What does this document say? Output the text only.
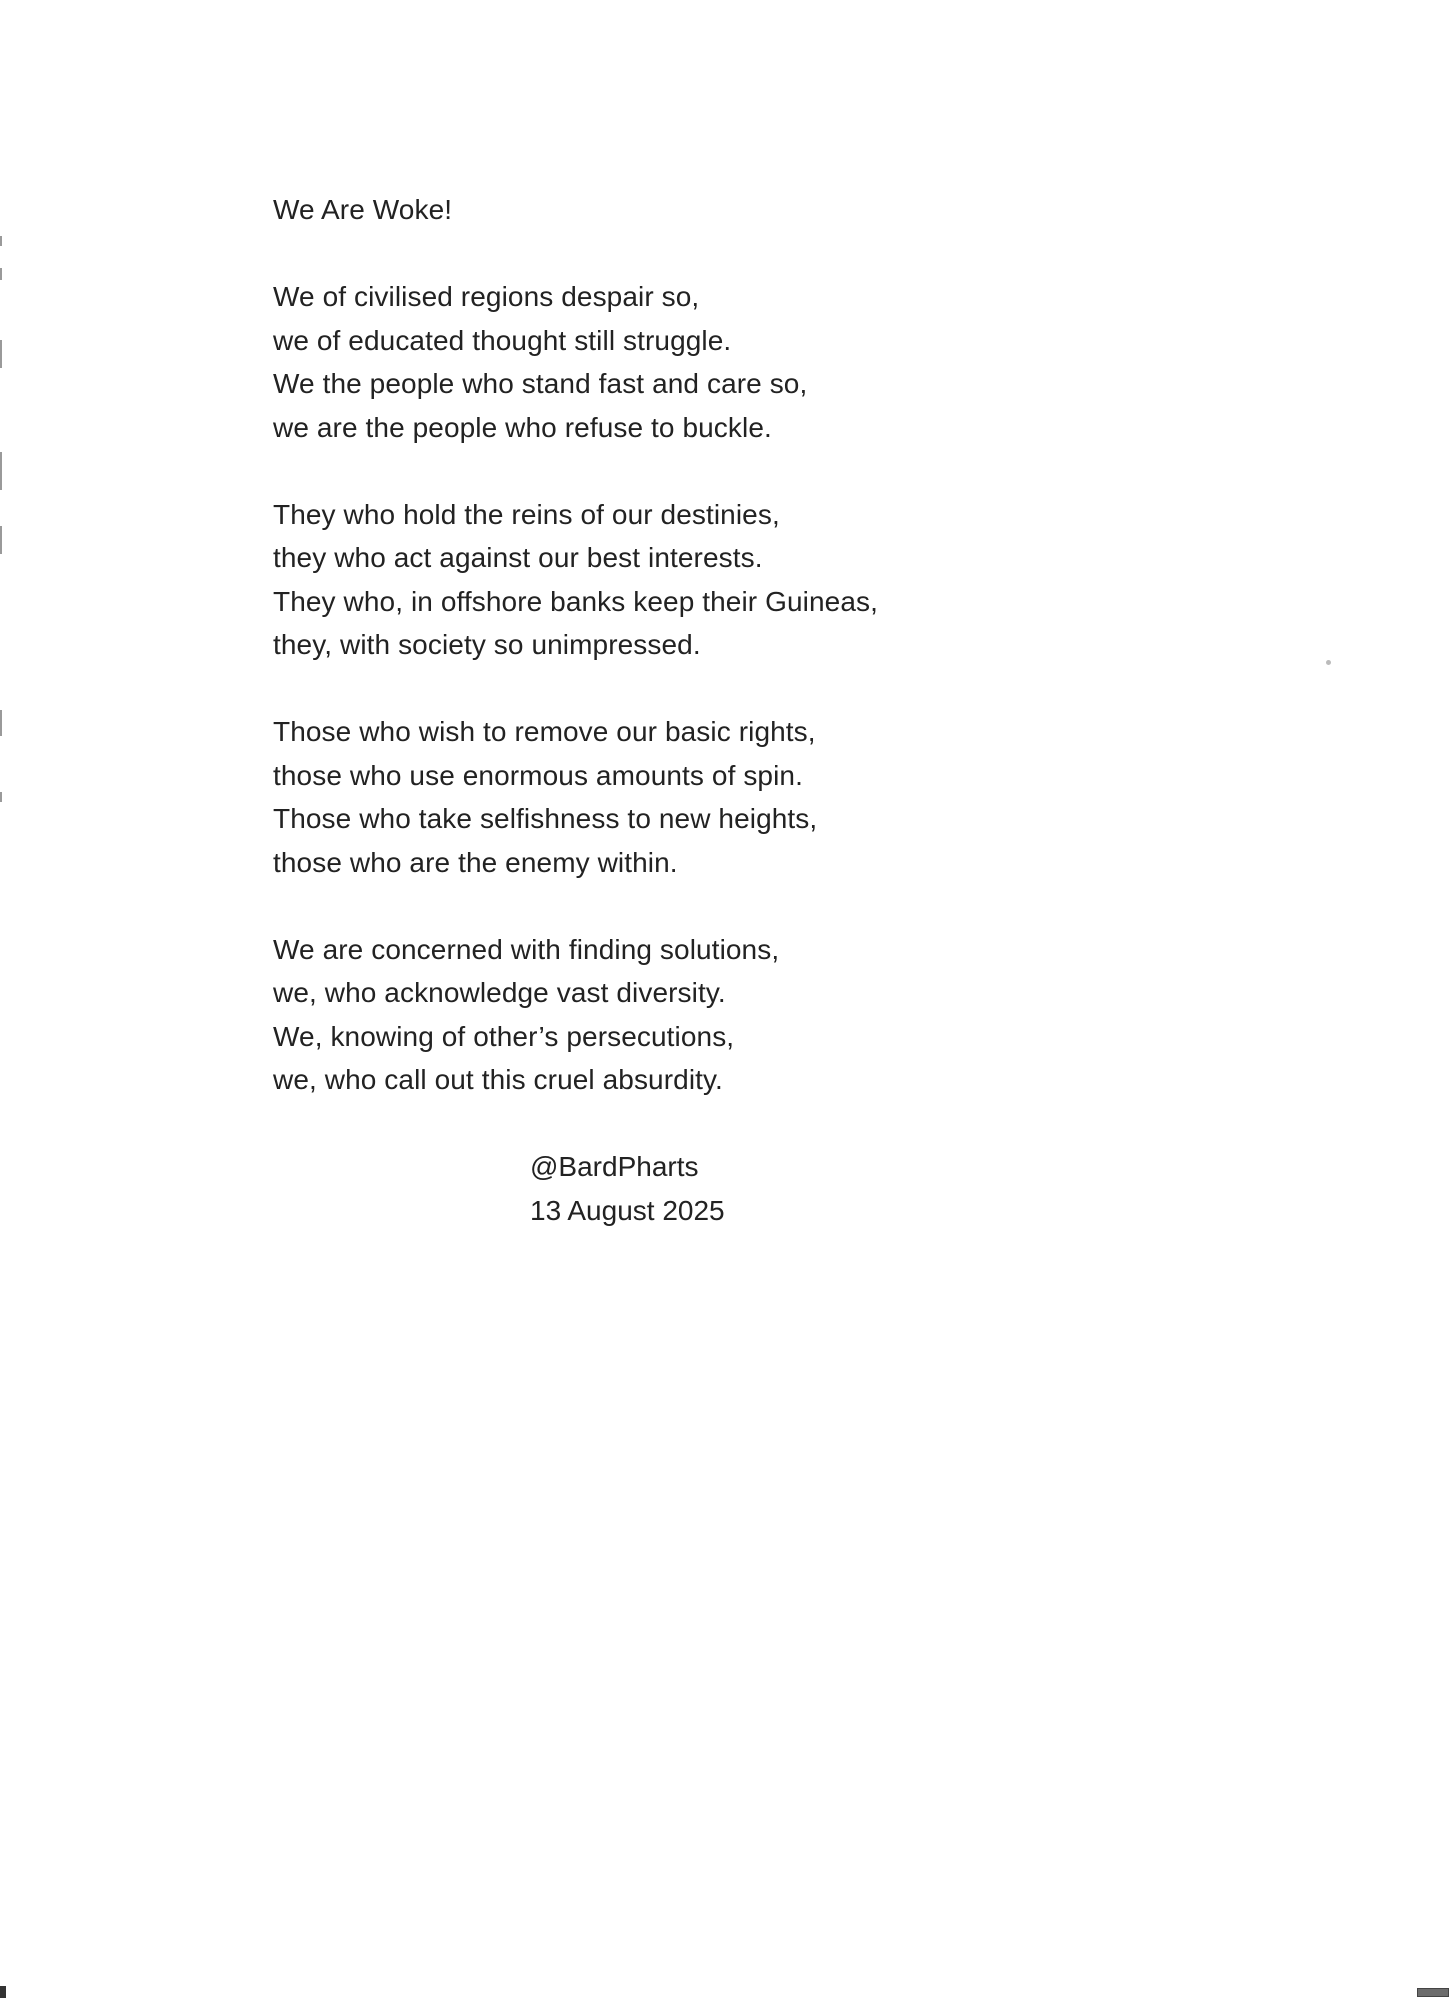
We Are Woke!
We of civilised regions despair so,
we of educated thought still struggle.
We the people who stand fast and care so,
we are the people who refuse to buckle.
They who hold the reins of our destinies,
they who act against our best interests.
They who, in offshore banks keep their Guineas,
they, with society so unimpressed.
Those who wish to remove our basic rights,
those who use enormous amounts of spin.
Those who take selfishness to new heights,
those who are the enemy within.
We are concerned with finding solutions,
we, who acknowledge vast diversity.
We, knowing of other’s persecutions,
we, who call out this cruel absurdity.
@BardPharts
13 August 2025
